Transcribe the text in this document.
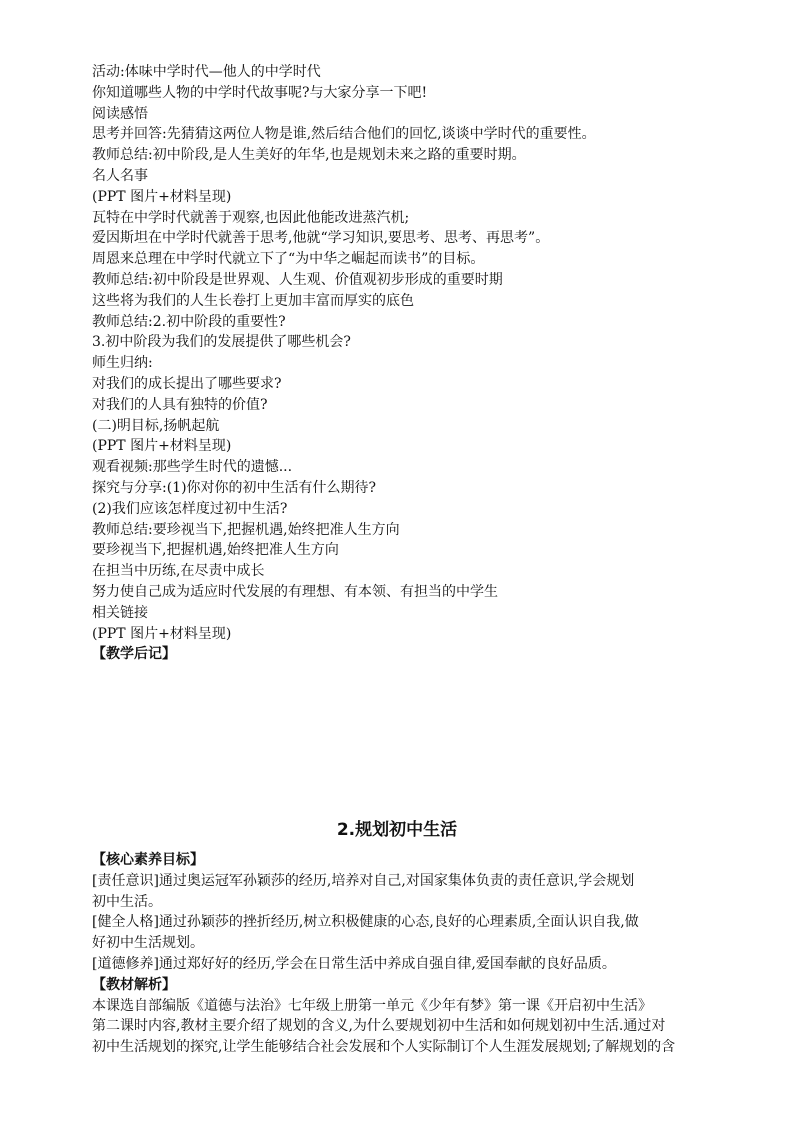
活动:体味中学时代—他人的中学时代
你知道哪些人物的中学时代故事呢?与大家分享一下吧!
阅读感悟
思考并回答:先猜猜这两位人物是谁,然后结合他们的回忆,谈谈中学时代的重要性。
教师总结:初中阶段,是人生美好的年华,也是规划未来之路的重要时期。
名人名事
(PPT 图片+材料呈现)
瓦特在中学时代就善于观察,也因此他能改进蒸汽机;
爱因斯坦在中学时代就善于思考,他就“学习知识,要思考、思考、再思考”。
周恩来总理在中学时代就立下了“为中华之崛起而读书”的目标。
教师总结:初中阶段是世界观、人生观、价值观初步形成的重要时期
这些将为我们的人生长卷打上更加丰富而厚实的底色
教师总结:2.初中阶段的重要性?
3.初中阶段为我们的发展提供了哪些机会?
师生归纳:
对我们的成长提出了哪些要求?
对我们的人具有独特的价值?
(二)明目标,扬帆起航
(PPT 图片+材料呈现)
观看视频:那些学生时代的遗憾...
探究与分享:(1)你对你的初中生活有什么期待?
(2)我们应该怎样度过初中生活?
教师总结:要珍视当下,把握机遇,始终把准人生方向
要珍视当下,把握机遇,始终把准人生方向
在担当中历练,在尽责中成长
努力使自己成为适应时代发展的有理想、有本领、有担当的中学生
相关链接
(PPT 图片+材料呈现)
【教学后记】
2.规划初中生活
【核心素养目标】
[责任意识]通过奥运冠军孙颖莎的经历,培养对自己,对国家集体负责的责任意识,学会规划
初中生活。
[健全人格]通过孙颖莎的挫折经历,树立积极健康的心态,良好的心理素质,全面认识自我,做
好初中生活规划。
[道德修养]通过郑好好的经历,学会在日常生活中养成自强自律,爱国奉献的良好品质。
【教材解析】
本课选自部编版《道德与法治》七年级上册第一单元《少年有梦》第一课《开启初中生活》
第二课时内容,教材主要介绍了规划的含义,为什么要规划初中生活和如何规划初中生活.通过对
初中生活规划的探究,让学生能够结合社会发展和个人实际制订个人生涯发展规划;了解规划的含
